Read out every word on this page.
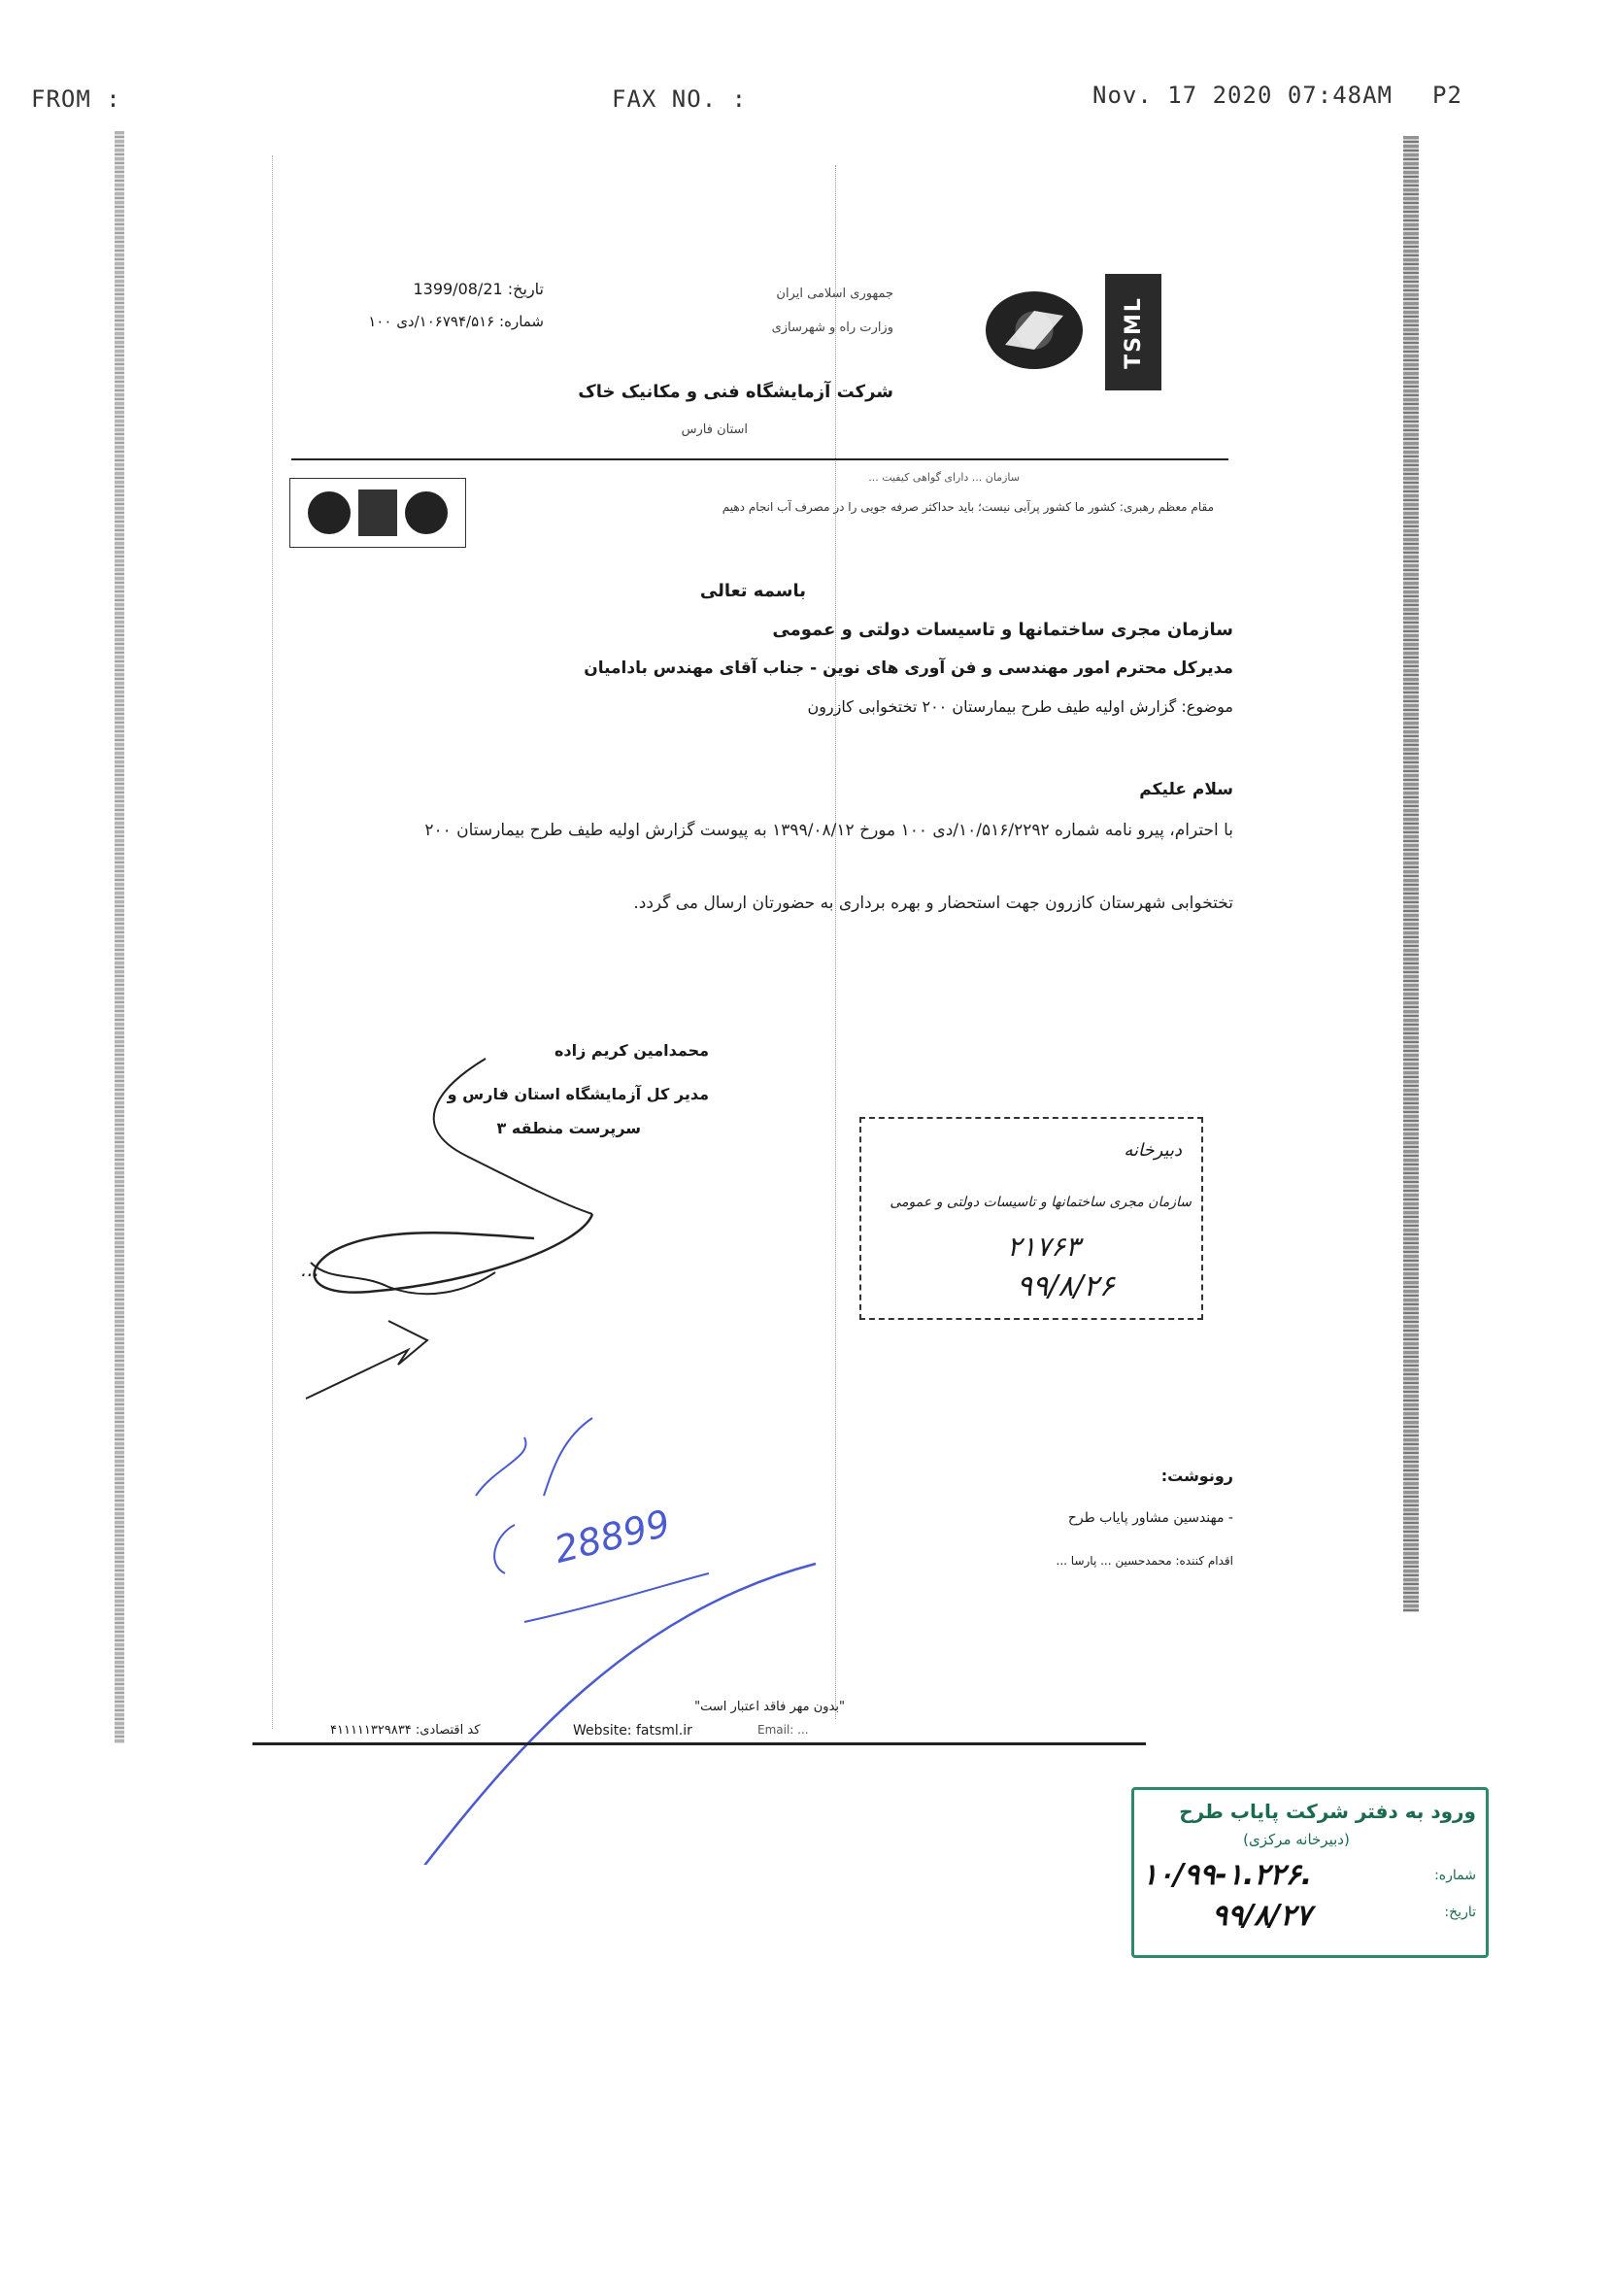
FROM :	FAX NO. :	Nov. 17 2020 07:48AM P2
TSML
جمهوری اسلامی ایران
وزارت راه و شهرسازی
شرکت آزمایشگاه فنی و مکانیک خاک
استان فارس
تاریخ: 1399/08/21
شماره: ۱۰۶۷۹۴/۵۱۶/دی ۱۰۰
سازمان ... دارای گواهی کیفیت ...
مقام معظم رهبری: کشور ما کشور پرآبی نیست؛ باید حداکثر صرفه جویی را در مصرف آب انجام دهیم
باسمه تعالی
سازمان مجری ساختمانها و تاسیسات دولتی و عمومی
مدیرکل محترم امور مهندسی و فن آوری های نوین - جناب آقای مهندس بادامیان
موضوع: گزارش اولیه طیف طرح بیمارستان ۲۰۰ تختخوابی کازرون
سلام علیکم
با احترام، پیرو نامه شماره ۱۰/۵۱۶/۲۲۹۲/دی ۱۰۰ مورخ ۱۳۹۹/۰۸/۱۲ به پیوست گزارش اولیه طیف طرح بیمارستان ۲۰۰
تختخوابی شهرستان کازرون جهت استحضار و بهره برداری به حضورتان ارسال می گردد.
محمدامین کریم زاده
مدیر کل آزمایشگاه استان فارس و
سرپرست منطقه ۳
...
دبیرخانه
سازمان مجری ساختمانها و تاسیسات دولتی و عمومی
۲۱۷۶۳
۹۹/۸/۲۶
28899
رونوشت:
- مهندسین مشاور پایاب طرح
اقدام کننده: محمدحسین ... پارسا ...
"بدون مهر فاقد اعتبار است"
کد اقتصادی: ۴۱۱۱۱۱۳۲۹۸۳۴	Website: fatsml.ir	Email: ...
ورود به دفتر شرکت پایاب طرح
(دبیرخانه مرکزی)
شماره:
۱۰/۹۹-۱.۲۲۶.
تاریخ:
۹۹/۸/۲۷
